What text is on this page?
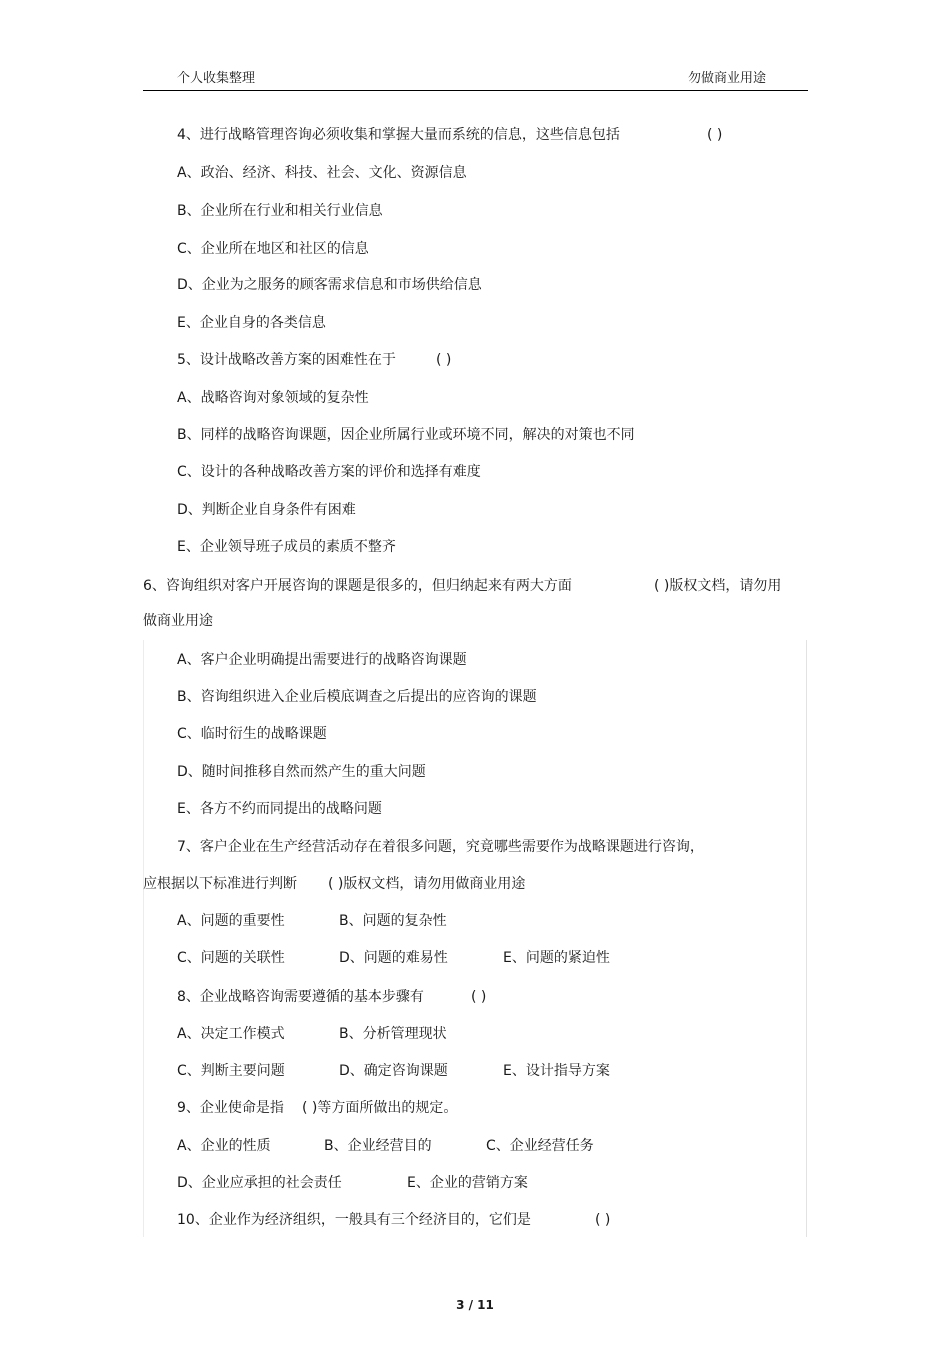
个人收集整理	勿做商业用途
4、进行战略管理咨询必须收集和掌握大量而系统的信息，这些信息包括	( )
A、政治、经济、科技、社会、文化、资源信息
B、企业所在行业和相关行业信息
C、企业所在地区和社区的信息
D、企业为之服务的顾客需求信息和市场供给信息
E、企业自身的各类信息
5、设计战略改善方案的困难性在于	( )
A、战略咨询对象领域的复杂性
B、同样的战略咨询课题，因企业所属行业或环境不同，解决的对策也不同
C、设计的各种战略改善方案的评价和选择有难度
D、判断企业自身条件有困难
E、企业领导班子成员的素质不整齐
6、咨询组织对客户开展咨询的课题是很多的，但归纳起来有两大方面	( )版权文档，请勿用
做商业用途
A、客户企业明确提出需要进行的战略咨询课题
B、咨询组织进入企业后模底调查之后提出的应咨询的课题
C、临时衍生的战略课题
D、随时间推移自然而然产生的重大问题
E、各方不约而同提出的战略问题
7、客户企业在生产经营活动存在着很多问题，究竟哪些需要作为战略课题进行咨询，
应根据以下标准进行判断 ( )版权文档，请勿用做商业用途
A、问题的重要性	B、问题的复杂性
C、问题的关联性	D、问题的难易性	E、问题的紧迫性
8、企业战略咨询需要遵循的基本步骤有	( )
A、决定工作模式	B、分析管理现状
C、判断主要问题	D、确定咨询课题	E、设计指导方案
9、企业使命是指 ( )等方面所做出的规定。
A、企业的性质	B、企业经营目的	C、企业经营任务
D、企业应承担的社会责任	E、企业的营销方案
10、企业作为经济组织，一般具有三个经济目的，它们是	( )
3 / 11
